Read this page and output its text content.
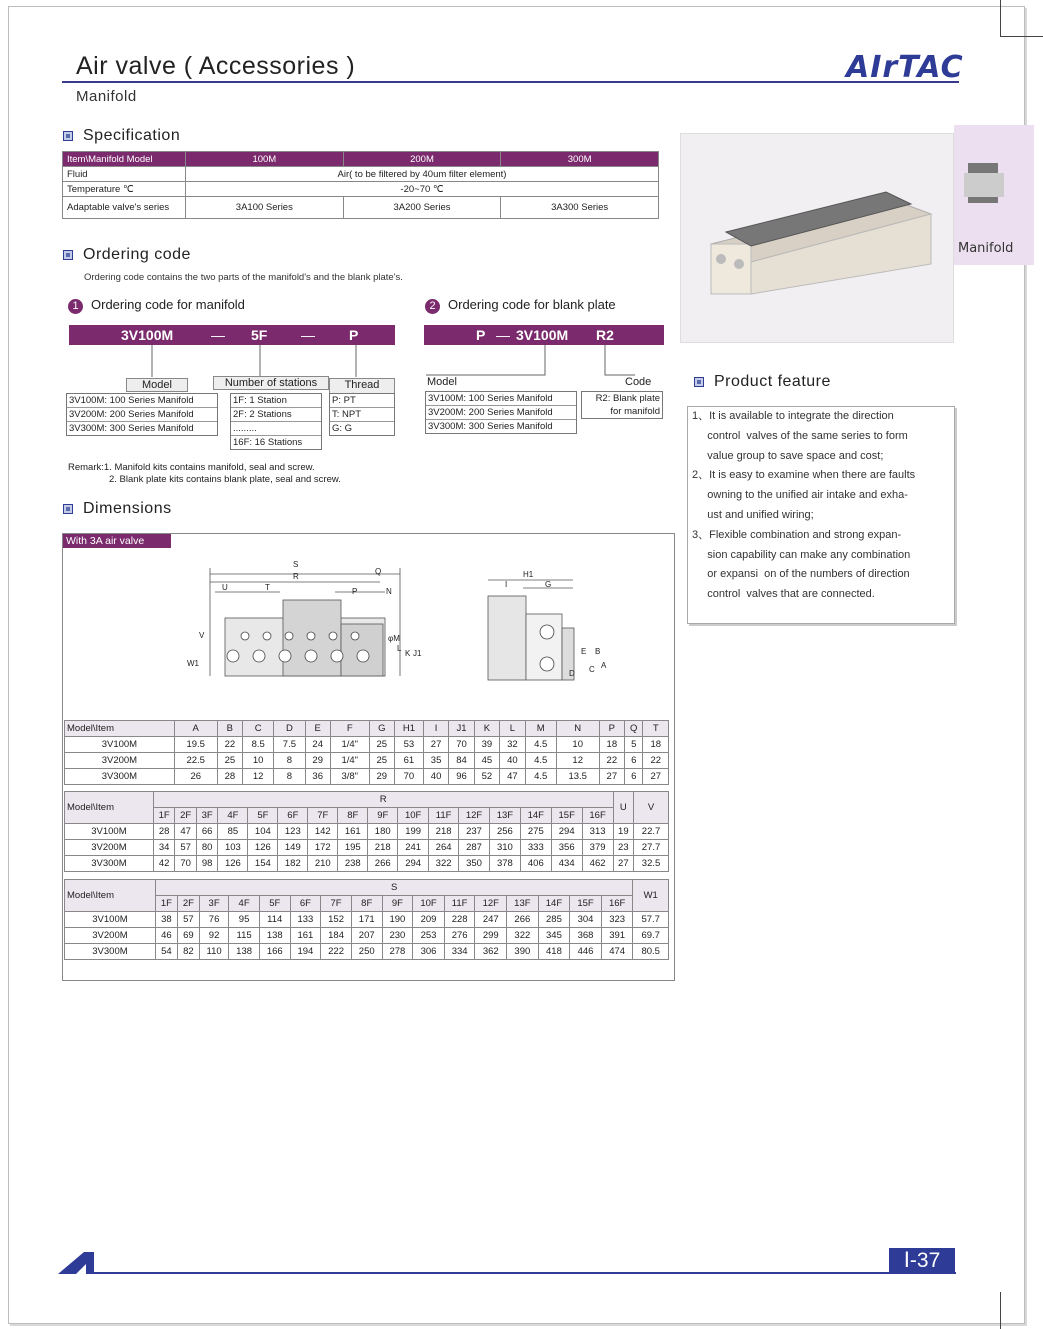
Air valve ( Accessories )
Manifold
AIrTAC
Specification
Item\Manifold Model	100M	200M	300M
Fluid	Air( to be filtered by 40um filter element)		
Temperature ℃	-20~70 ℃		
Adaptable valve's series	3A100 Series	3A200 Series	3A300 Series
Ordering code
Ordering code contains the two parts of the manifold's and the blank plate's.
1 Ordering code for manifold
3V100M	— 5F — P
Model
3V100M: 100 Series Manifold
3V200M: 200 Series Manifold
3V300M: 300 Series Manifold
Number of stations
1F: 1 Station
2F: 2 Stations
.........
16F: 16 Stations
Thread
P: PT
T: NPT
G: G
2 Ordering code for blank plate
P — 3V100M R2
Model
3V100M: 100 Series Manifold
3V200M: 200 Series Manifold
3V300M: 300 Series Manifold
Code
R2: Blank plate
for manifold
Remark:1. Manifold kits contains manifold, seal and screw.
2. Blank plate kits contains blank plate, seal and screw.
Dimensions
With 3A air valve
S
R
Q
U	T	P	N
φM
V
L
K J1
W1
H1
I	G
E
D C
B
A
Model\Item	A	B	C	D	E	F	G	H1	I	J1	K	L	M	N	P	Q	T
3V100M	19.5	22	8.5	7.5	24	1/4"	25	53	27	70	39	32	4.5	10	18	5	18
3V200M	22.5	25	10	8	29	1/4"	25	61	35	84	45	40	4.5	12	22	6	22
3V300M	26	28	12	8	36	3/8"	29	70	40	96	52	47	4.5	13.5	27	6	27
Model\Item	R																U	V
	1F	2F	3F	4F	5F	6F	7F	8F	9F	10F	11F	12F	13F	14F	15F	16F		
3V100M	28	47	66	85	104	123	142	161	180	199	218	237	256	275	294	313	19	22.7
3V200M	34	57	80	103	126	149	172	195	218	241	264	287	310	333	356	379	23	27.7
3V300M	42	70	98	126	154	182	210	238	266	294	322	350	378	406	434	462	27	32.5
Model\Item	S																W1
	1F	2F	3F	4F	5F	6F	7F	8F	9F	10F	11F	12F	13F	14F	15F	16F	
3V100M	38	57	76	95	114	133	152	171	190	209	228	247	266	285	304	323	57.7
3V200M	46	69	92	115	138	161	184	207	230	253	276	299	322	345	368	391	69.7
3V300M	54	82	110	138	166	194	222	250	278	306	334	362	390	418	446	474	80.5
Manifold
Product feature

1、It is available to integrate the direction

control  valves of the same series to form

value group to save space and cost;

2、It is easy to examine when there are faults

owning to the unified air intake and exha-

ust and unified wiring;

3、Flexible combination and strong expan-

sion capability can make any combination

or expansi  on of the numbers of direction

control  valves that are connected.

Ⅰ-37
